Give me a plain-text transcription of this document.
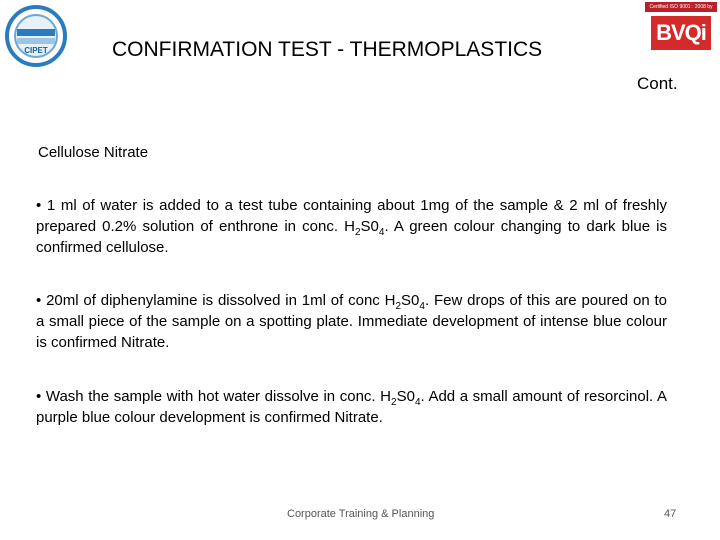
CIPET
Certified ISO 9001 : 2008 by
BVQi
CONFIRMATION TEST - THERMOPLASTICS
Cont.
Cellulose Nitrate

• 1 ml of water is added to a test tube containing about 1mg of the sample & 2 ml of freshly prepared 0.2% solution of enthrone in conc. $H_2S0_4$. A green colour changing to dark blue is confirmed cellulose.

• 20ml of diphenylamine is dissolved in 1ml of conc $H_2S0_4$. Few drops of this are poured on to a small piece of the sample on a spotting plate. Immediate development of intense blue colour is confirmed Nitrate.

• Wash the sample with hot water dissolve in conc. $H_2S0_4$. Add a small amount of resorcinol. A purple blue colour development is confirmed Nitrate.

Corporate Training & Planning	47
